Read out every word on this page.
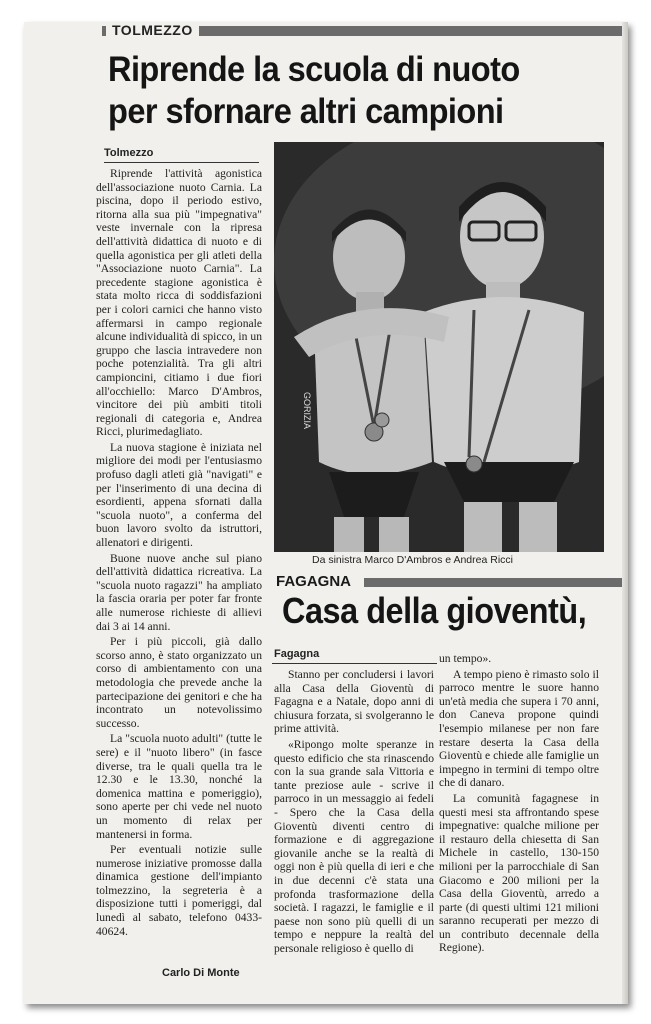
TOLMEZZO
Riprende la scuola di nuoto
per sfornare altri campioni
Tolmezzo

Riprende l'attività agonistica dell'associazione nuoto Carnia. La piscina, dopo il periodo estivo, ritorna alla sua più "impegnativa" veste invernale con la ripresa dell'attività didattica di nuoto e di quella agonistica per gli atleti della "Associazione nuoto Carnia". La precedente stagione agonistica è stata molto ricca di soddisfazioni per i colori carnici che hanno visto affermarsi in campo regionale alcune individualità di spicco, in un gruppo che lascia intravedere non poche potenzialità. Tra gli altri campioncini, citiamo i due fiori all'occhiello: Marco D'Ambros, vincitore dei più ambiti titoli regionali di categoria e, Andrea Ricci, plurimedagliato.

La nuova stagione è iniziata nel migliore dei modi per l'entusiasmo profuso dagli atleti già "navigati" e per l'inserimento di una decina di esordienti, appena sfornati dalla "scuola nuoto", a conferma del buon lavoro svolto da istruttori, allenatori e dirigenti.

Buone nuove anche sul piano dell'attività didattica ricreativa. La "scuola nuoto ragazzi" ha ampliato la fascia oraria per poter far fronte alle numerose richieste di allievi dai 3 ai 14 anni.

Per i più piccoli, già dallo scorso anno, è stato organizzato un corso di ambientamento con una metodologia che prevede anche la partecipazione dei genitori e che ha incontrato un notevolissimo successo.

La "scuola nuoto adulti" (tutte le sere) e il "nuoto libero" (in fasce diverse, tra le quali quella tra le 12.30 e le 13.30, nonché la domenica mattina e pomeriggio), sono aperte per chi vede nel nuoto un momento di relax per mantenersi in forma.

Per eventuali notizie sulle numerose iniziative promosse dalla dinamica gestione dell'impianto tolmezzino, la segreteria è a disposizione tutti i pomeriggi, dal lunedì al sabato, telefono 0433-40624.

Carlo Di Monte
GORIZIA
Da sinistra Marco D'Ambros e Andrea Ricci
FAGAGNA
Casa della gioventù,
Fagagna

Stanno per concludersi i lavori alla Casa della Gioventù di Fagagna e a Natale, dopo anni di chiusura forzata, si svolgeranno le prime attività.

«Ripongo molte speranze in questo edificio che sta rinascendo con la sua grande sala Vittoria e tante preziose aule - scrive il parroco in un messaggio ai fedeli - Spero che la Casa della Gioventù diventi centro di formazione e di aggregazione giovanile anche se la realtà di oggi non è più quella di ieri e che in due decenni c'è stata una profonda trasformazione della società. I ragazzi, le famiglie e il paese non sono più quelli di un tempo e neppure la realtà del personale religioso è quello di

un tempo».

A tempo pieno è rimasto solo il parroco mentre le suore hanno un'età media che supera i 70 anni, don Caneva propone quindi l'esempio milanese per non fare restare deserta la Casa della Gioventù e chiede alle famiglie un impegno in termini di tempo oltre che di danaro.

La comunità fagagnese in questi mesi sta affrontando spese impegnative: qualche milione per il restauro della chiesetta di San Michele in castello, 130-150 milioni per la parrocchiale di San Giacomo e 200 milioni per la Casa della Gioventù, arredo a parte (di questi ultimi 121 milioni saranno recuperati per mezzo di un contributo decennale della Regione).
